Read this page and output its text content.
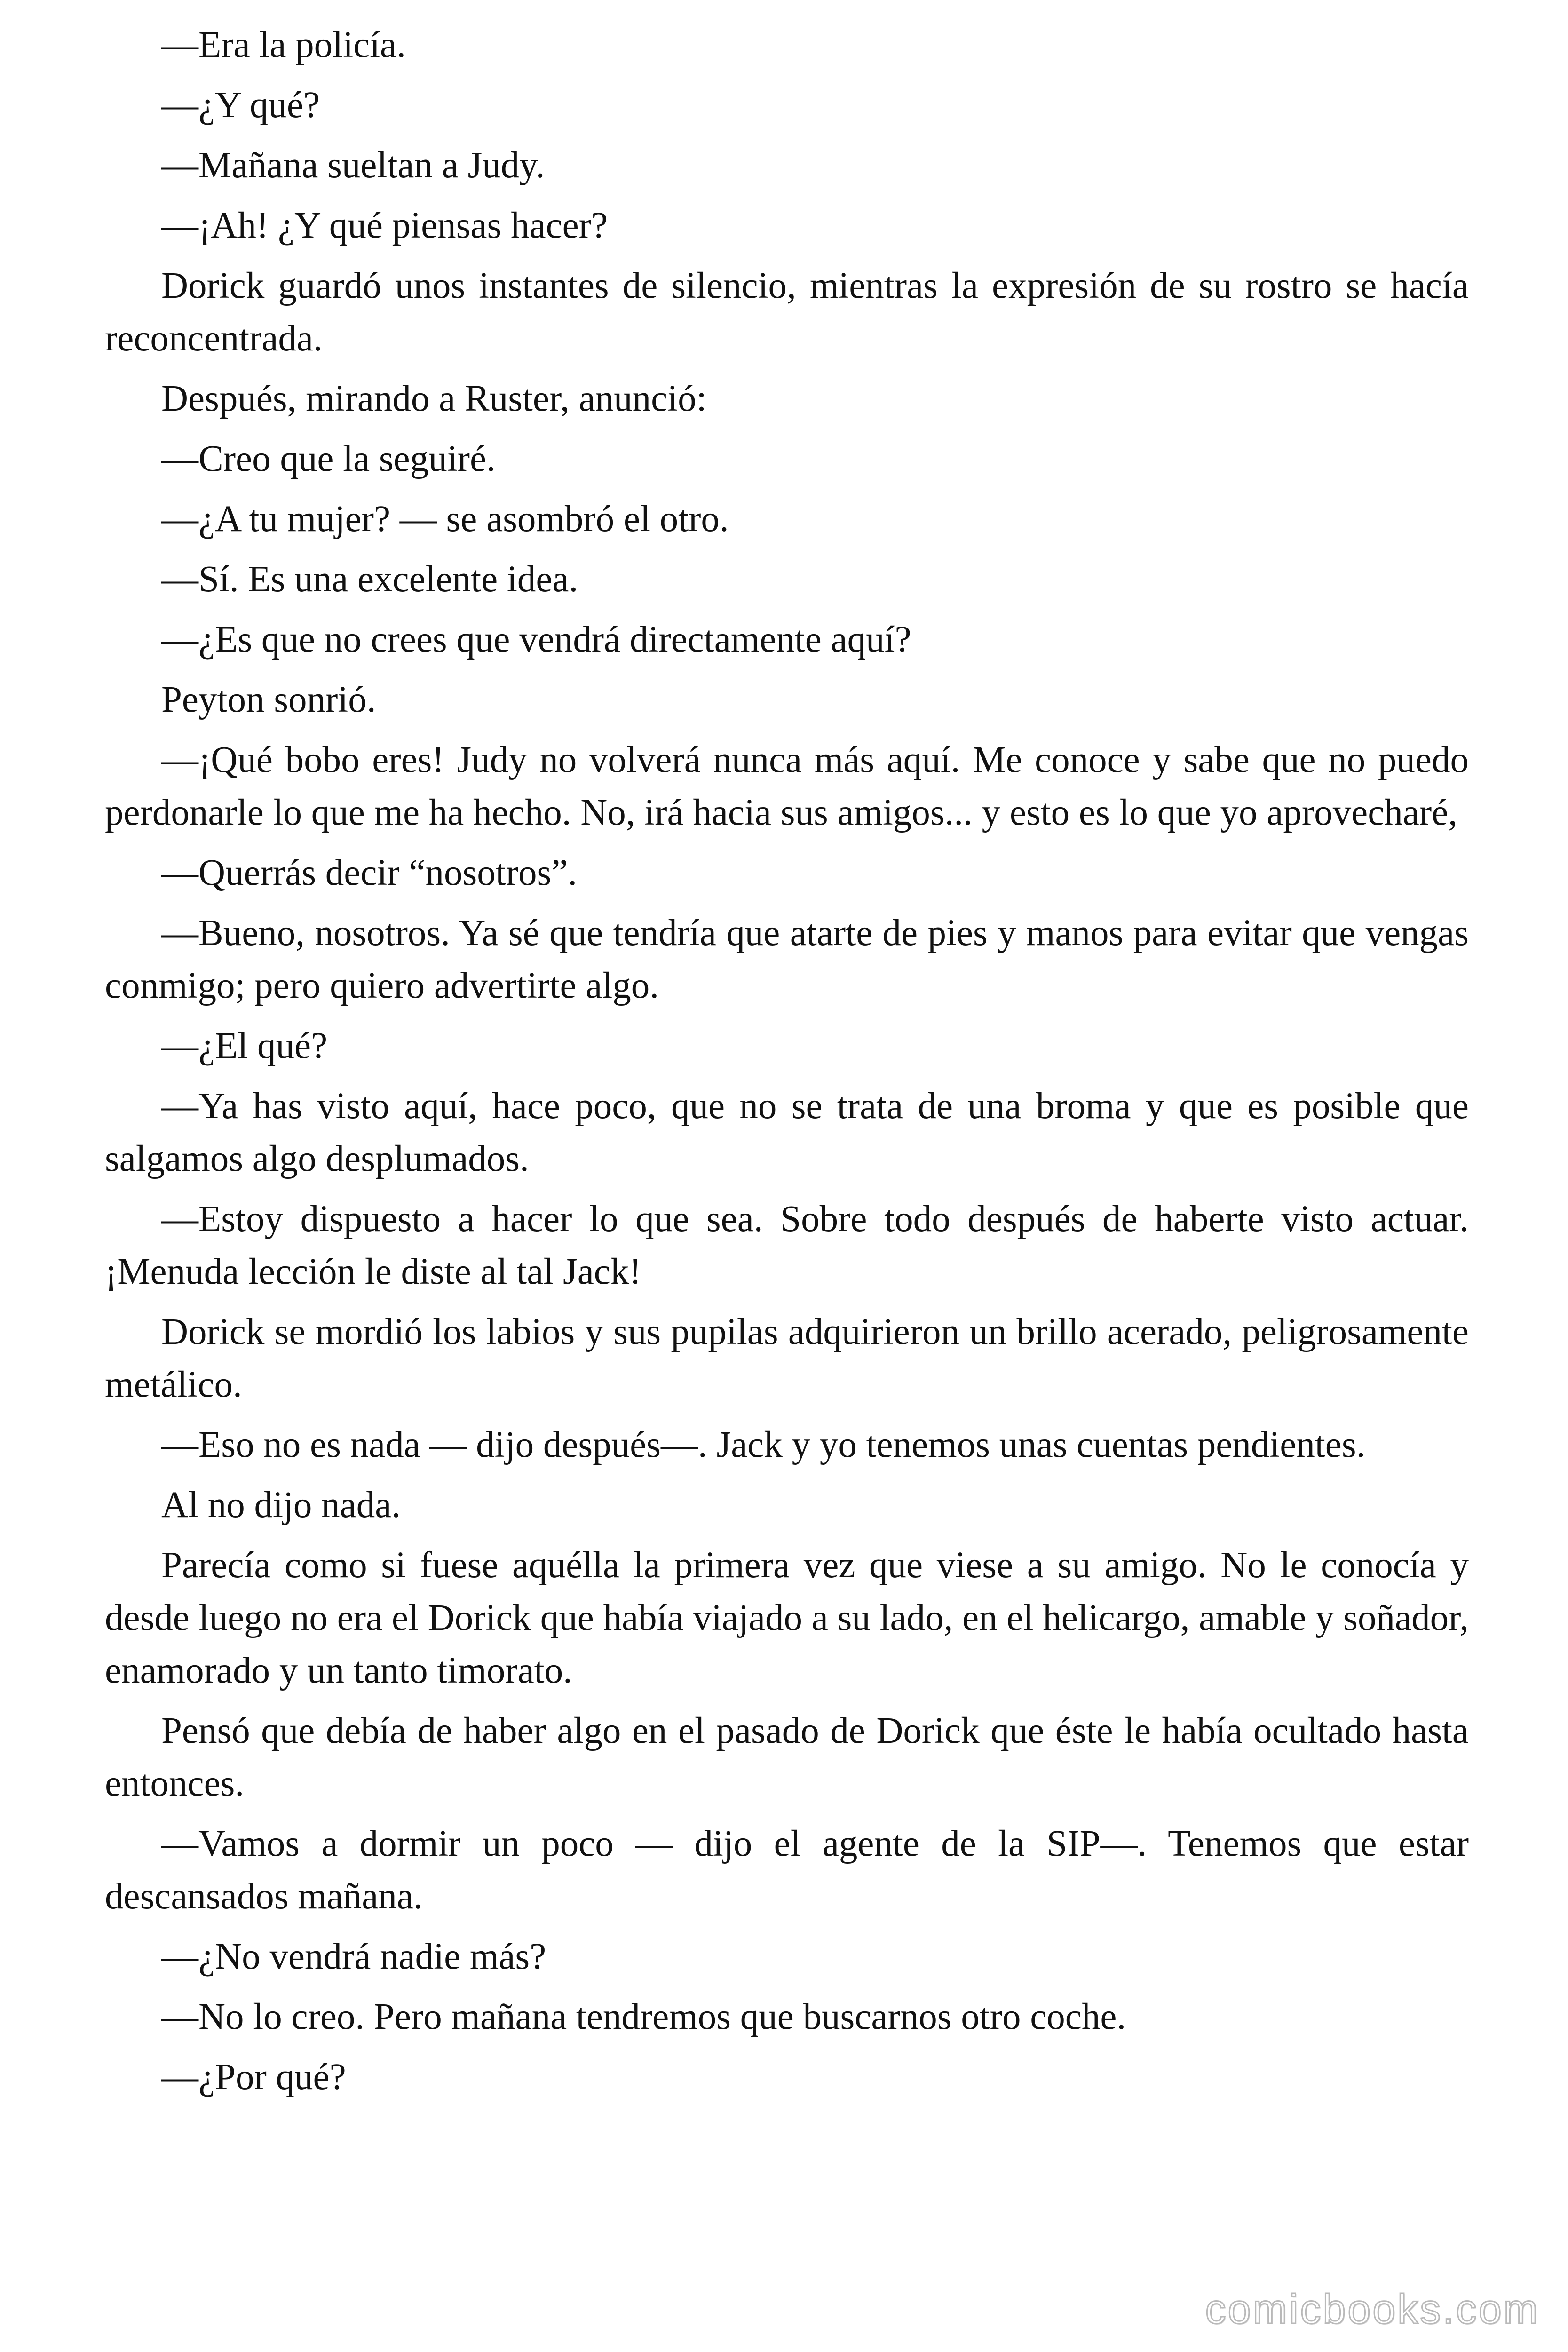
—Era la policía.

—¿Y qué?

—Mañana sueltan a Judy.

—¡Ah! ¿Y qué piensas hacer?

Dorick guardó unos instantes de silencio, mientras la expresión de su rostro se hacía reconcentrada.

Después, mirando a Ruster, anunció:

—Creo que la seguiré.

—¿A tu mujer? — se asombró el otro.

—Sí. Es una excelente idea.

—¿Es que no crees que vendrá directamente aquí?

Peyton sonrió.

—¡Qué bobo eres! Judy no volverá nunca más aquí. Me conoce y sabe que no puedo perdonarle lo que me ha hecho. No, irá hacia sus amigos... y esto es lo que yo aprovecharé,

—Querrás decir “nosotros”.

—Bueno, nosotros. Ya sé que tendría que atarte de pies y manos para evitar que vengas conmigo; pero quiero advertirte algo.

—¿El qué?

—Ya has visto aquí, hace poco, que no se trata de una broma y que es posible que salgamos algo desplumados.

—Estoy dispuesto a hacer lo que sea. Sobre todo después de haberte visto actuar. ¡Menuda lección le diste al tal Jack!

Dorick se mordió los labios y sus pupilas adquirieron un brillo acerado, peligrosamente metálico.

—Eso no es nada — dijo después—. Jack y yo tenemos unas cuentas pendientes.

Al no dijo nada.

Parecía como si fuese aquélla la primera vez que viese a su amigo. No le conocía y desde luego no era el Dorick que había viajado a su lado, en el helicargo, amable y soñador, enamorado y un tanto timorato.

Pensó que debía de haber algo en el pasado de Dorick que éste le había ocultado hasta entonces.

—Vamos a dormir un poco — dijo el agente de la SIP—. Tenemos que estar descansados mañana.

—¿No vendrá nadie más?

—No lo creo. Pero mañana tendremos que buscarnos otro coche.

—¿Por qué?

comicbooks.com
